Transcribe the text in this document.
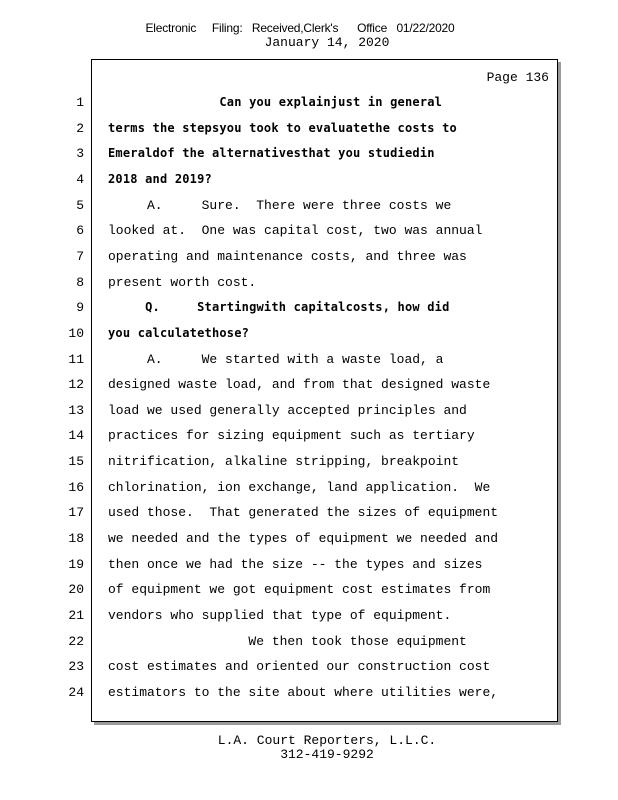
Electronic     Filing:   Received,Clerk's      Office   01/22/2020
January 14, 2020
Page 136
1 Can you explainjust in general
2 terms the stepsyou took to evaluatethe costs to
3 Emeraldof the alternativesthat you studiedin
4 2018 and 2019?
5 A.     Sure.  There were three costs we
6 looked at.  One was capital cost, two was annual
7 operating and maintenance costs, and three was
8 present worth cost.
9 Q.     Startingwith capitalcosts, how did
10 you calculatethose?
11 A.     We started with a waste load, a
12 designed waste load, and from that designed waste
13 load we used generally accepted principles and
14 practices for sizing equipment such as tertiary
15 nitrification, alkaline stripping, breakpoint
16 chlorination, ion exchange, land application.  We
17 used those.  That generated the sizes of equipment
18 we needed and the types of equipment we needed and
19 then once we had the size -- the types and sizes
20 of equipment we got equipment cost estimates from
21 vendors who supplied that type of equipment.
22 We then took those equipment
23 cost estimates and oriented our construction cost
24 estimators to the site about where utilities were,
L.A. Court Reporters, L.L.C.
312-419-9292
